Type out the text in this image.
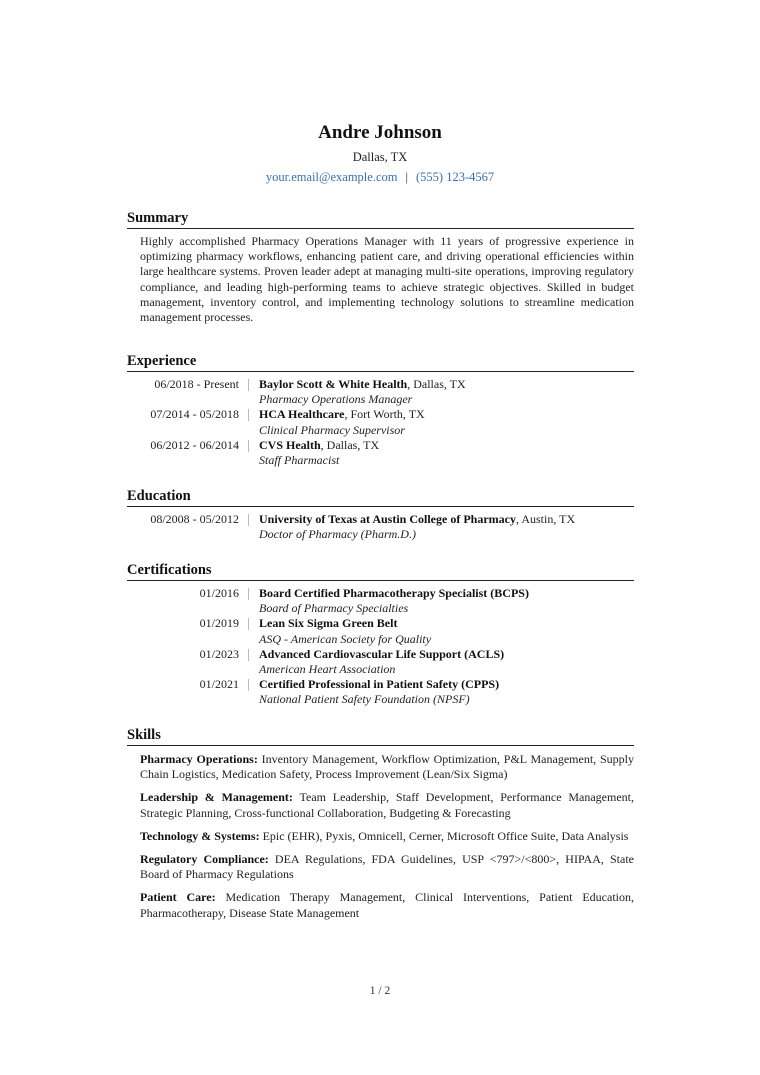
Andre Johnson
Dallas, TX
your.email@example.com | (555) 123-4567
Summary
Highly accomplished Pharmacy Operations Manager with 11 years of progressive experience in optimizing pharmacy workflows, enhancing patient care, and driving operational efficiencies within large healthcare systems. Proven leader adept at managing multi-site operations, improving regulatory compliance, and leading high-performing teams to achieve strategic objectives. Skilled in budget management, inventory control, and implementing technology solutions to streamline medication management processes.
Experience
06/2018 - Present Baylor Scott & White Health, Dallas, TX
Pharmacy Operations Manager
07/2014 - 05/2018 HCA Healthcare, Fort Worth, TX
Clinical Pharmacy Supervisor
06/2012 - 06/2014 CVS Health, Dallas, TX
Staff Pharmacist
Education
08/2008 - 05/2012 University of Texas at Austin College of Pharmacy, Austin, TX
Doctor of Pharmacy (Pharm.D.)
Certifications
01/2016 Board Certified Pharmacotherapy Specialist (BCPS)
Board of Pharmacy Specialties
01/2019 Lean Six Sigma Green Belt
ASQ - American Society for Quality
01/2023 Advanced Cardiovascular Life Support (ACLS)
American Heart Association
01/2021 Certified Professional in Patient Safety (CPPS)
National Patient Safety Foundation (NPSF)
Skills
Pharmacy Operations: Inventory Management, Workflow Optimization, P&L Management, Supply Chain Logistics, Medication Safety, Process Improvement (Lean/Six Sigma)
Leadership & Management: Team Leadership, Staff Development, Performance Management, Strategic Planning, Cross-functional Collaboration, Budgeting & Forecasting
Technology & Systems: Epic (EHR), Pyxis, Omnicell, Cerner, Microsoft Office Suite, Data Analysis
Regulatory Compliance: DEA Regulations, FDA Guidelines, USP <797>/<800>, HIPAA, State Board of Pharmacy Regulations
Patient Care: Medication Therapy Management, Clinical Interventions, Patient Education, Pharmacotherapy, Disease State Management
1 / 2
